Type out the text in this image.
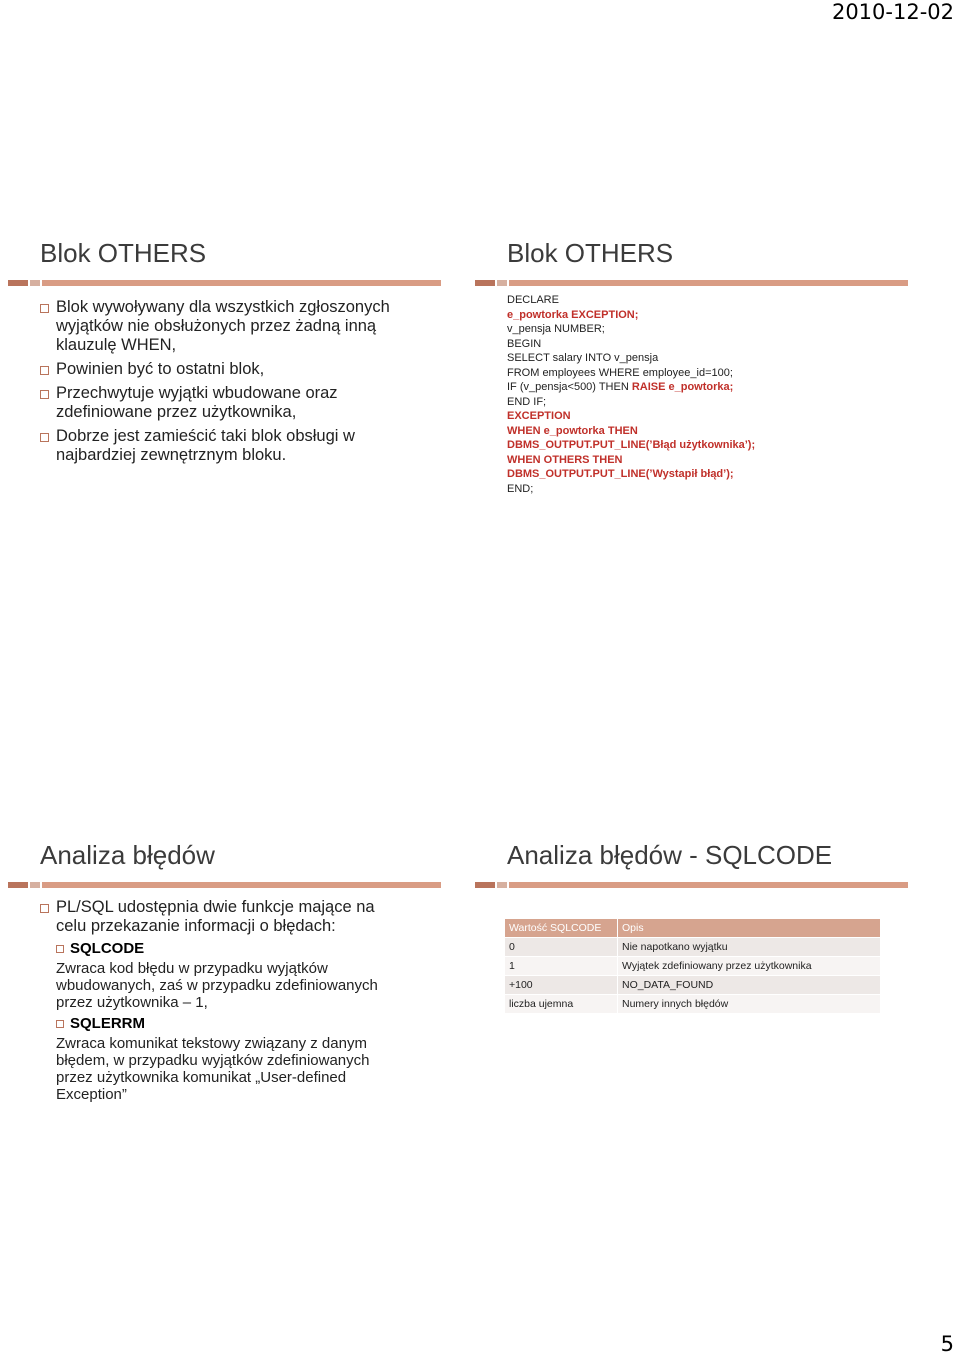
2010-12-02
Blok OTHERS
Blok wywoływany dla wszystkich zgłoszonych wyjątków nie obsłużonych przez żadną inną klauzulę WHEN,
Powinien być to ostatni blok,
Przechwytuje wyjątki wbudowane oraz zdefiniowane przez użytkownika,
Dobrze jest zamieścić taki blok obsługi w najbardziej zewnętrznym bloku.
Blok OTHERS
DECLARE
e_powtorka EXCEPTION;
v_pensja NUMBER;
BEGIN
SELECT salary INTO v_pensja
FROM employees WHERE employee_id=100;
IF (v_pensja<500) THEN RAISE e_powtorka;
END IF;
EXCEPTION
WHEN e_powtorka THEN
DBMS_OUTPUT.PUT_LINE(’Błąd użytkownika’);
WHEN OTHERS THEN
DBMS_OUTPUT.PUT_LINE(’Wystapił błąd’);
END;
Analiza błędów
PL/SQL udostępnia dwie funkcje mające na celu przekazanie informacji o błędach:
SQLCODE
Zwraca kod błędu w przypadku wyjątków wbudowanych, zaś w przypadku zdefiniowanych przez użytkownika – 1,
SQLERRM
Zwraca komunikat tekstowy związany z danym błędem, w przypadku wyjątków zdefiniowanych przez użytkownika komunikat „User-defined Exception”
Analiza błędów - SQLCODE
Wartość SQLCODE	Opis
0	Nie napotkano wyjątku
1	Wyjątek zdefiniowany przez użytkownika
+100	NO_DATA_FOUND
liczba ujemna	Numery innych błędów
5
